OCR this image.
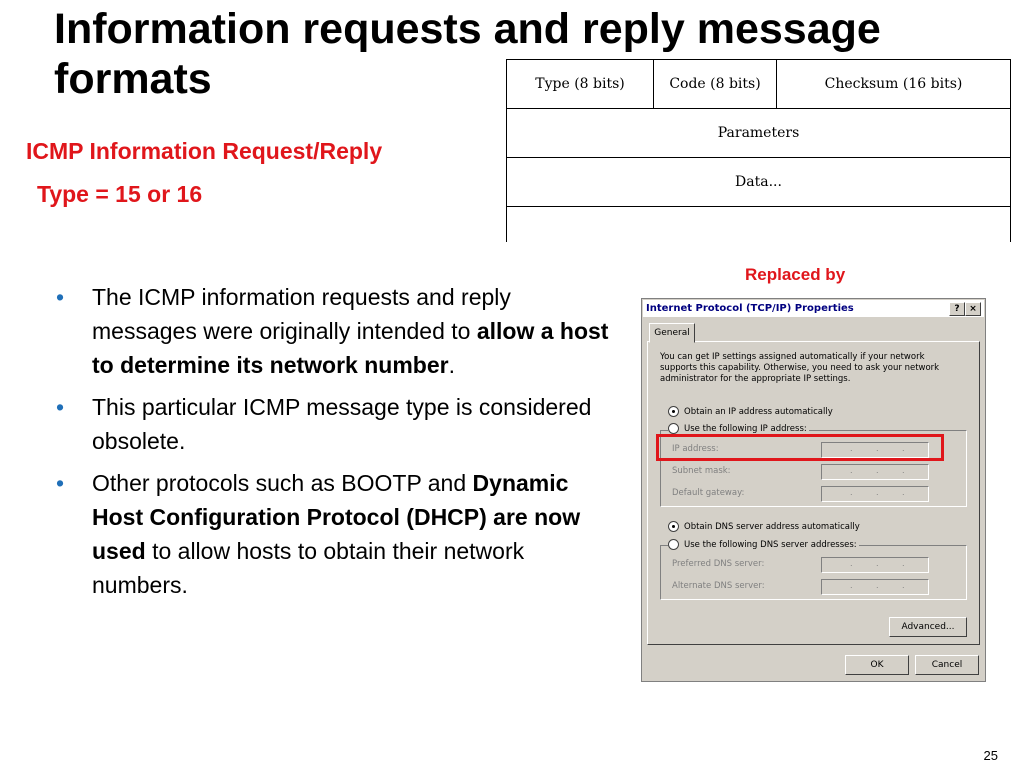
Information requests and reply message formats
ICMP Information Request/Reply
Type = 15 or 16
Type (8 bits)	Code (8 bits)	Checksum (16 bits)
Parameters
Data...

• The ICMP information requests and reply messages were originally intended to allow a host to determine its network number.
• This particular ICMP message type is considered obsolete.
• Other protocols such as BOOTP and Dynamic Host Configuration Protocol (DHCP) are now used to allow hosts to obtain their network numbers.
Replaced by
Internet Protocol (TCP/IP) Properties	?	×
General
You can get IP settings assigned automatically if your network supports this capability. Otherwise, you need to ask your network administrator for the appropriate IP settings.
Obtain an IP address automatically
Use the following IP address:
IP address:	.	.	.
Subnet mask:	.	.	.
Default gateway:	.	.	.
Obtain DNS server address automatically
Use the following DNS server addresses:
Preferred DNS server:	.	.	.
Alternate DNS server:	.	.	.
Advanced...
OK	Cancel
25
